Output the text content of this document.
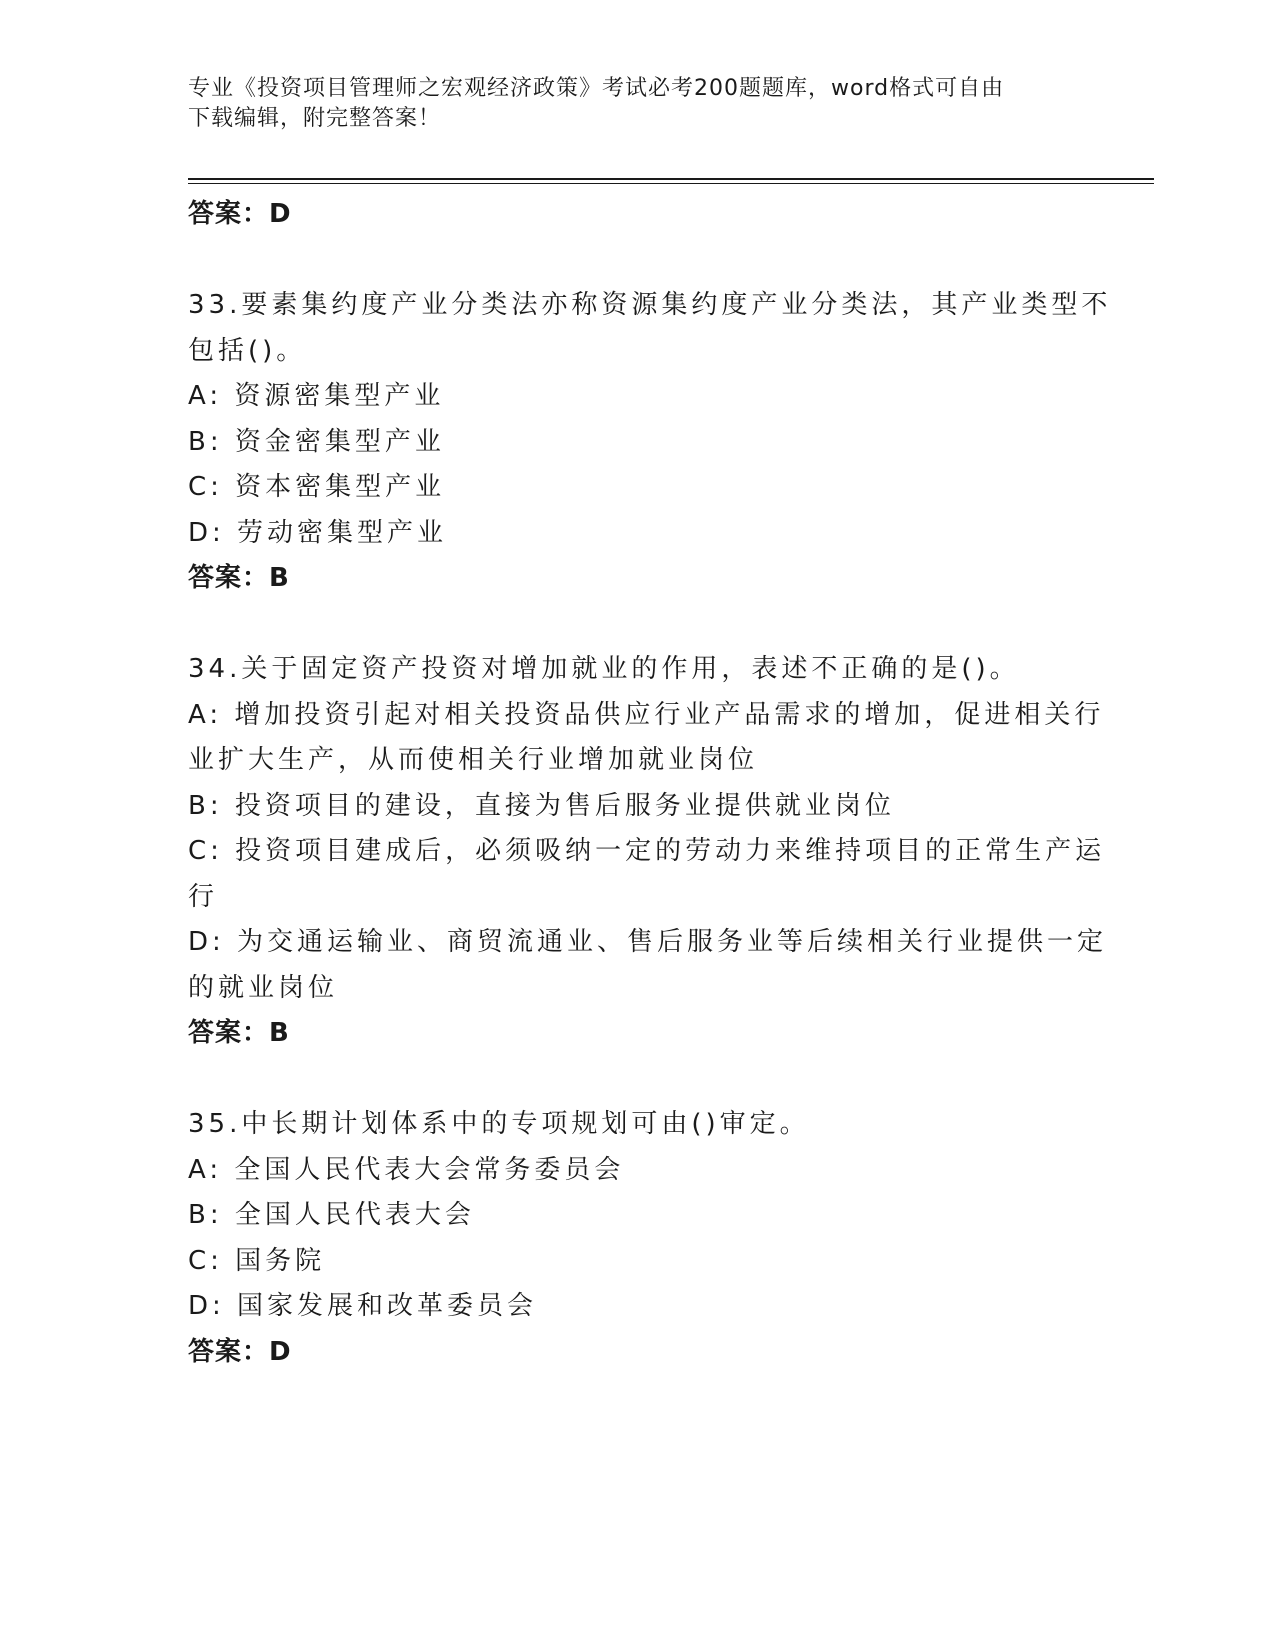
专业《投资项目管理师之宏观经济政策》考试必考200题题库，word格式可自由
下载编辑，附完整答案！
答案：D
33.要素集约度产业分类法亦称资源集约度产业分类法，其产业类型不
包括()。
A: 资源密集型产业
B: 资金密集型产业
C: 资本密集型产业
D: 劳动密集型产业
答案：B
34.关于固定资产投资对增加就业的作用，表述不正确的是()。
A: 增加投资引起对相关投资品供应行业产品需求的增加，促进相关行
业扩大生产，从而使相关行业增加就业岗位
B: 投资项目的建设，直接为售后服务业提供就业岗位
C: 投资项目建成后，必须吸纳一定的劳动力来维持项目的正常生产运
行
D: 为交通运输业、商贸流通业、售后服务业等后续相关行业提供一定
的就业岗位
答案：B
35.中长期计划体系中的专项规划可由()审定。
A: 全国人民代表大会常务委员会
B: 全国人民代表大会
C: 国务院
D: 国家发展和改革委员会
答案：D
